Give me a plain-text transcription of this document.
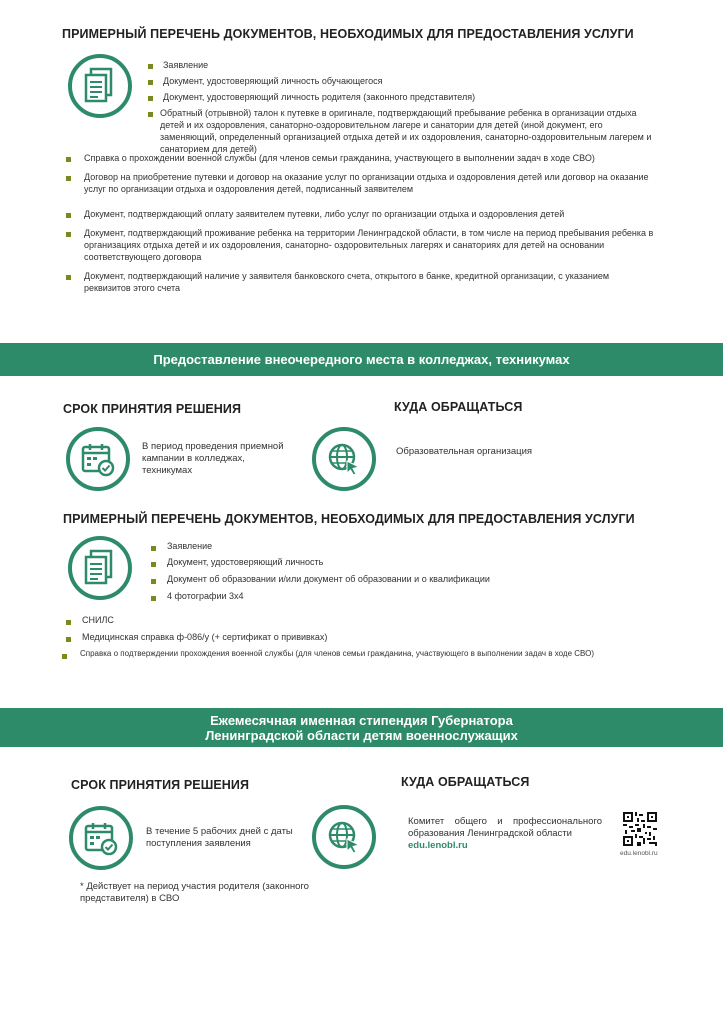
ПРИМЕРНЫЙ ПЕРЕЧЕНЬ ДОКУМЕНТОВ, НЕОБХОДИМЫХ ДЛЯ ПРЕДОСТАВЛЕНИЯ УСЛУГИ
Заявление
Документ, удостоверяющий личность обучающегося
Документ, удостоверяющий личность родителя (законного представителя)
Обратный (отрывной) талон к путевке в оригинале, подтверждающий пребывание ребенка в организации отдыха детей и их оздоровления, санаторно-оздоровительном лагере и санатории для детей (иной документ, его заменяющий, определенный организацией отдыха детей и их оздоровления, санаторно-оздоровительным лагерем и санаторием для детей)
Справка о прохождении военной службы (для членов семьи гражданина, участвующего в выполнении задач в ходе СВО)
Договор на приобретение путевки и договор на оказание услуг по организации отдыха и оздоровления детей или договор на оказание услуг по организации отдыха и оздоровления детей, подписанный заявителем
Документ, подтверждающий оплату заявителем путевки, либо услуг по организации отдыха и оздоровления детей
Документ, подтверждающий проживание ребенка на территории Ленинградской области, в том числе на период пребывания ребенка в организациях отдыха детей и их оздоровления, санаторно- оздоровительных лагерях и санаториях для детей на основании соответствующего договора
Документ, подтверждающий наличие у заявителя банковского счета, открытого в банке, кредитной организации, с указанием реквизитов этого счета
Предоставление внеочередного места в колледжах, техникумах
СРОК ПРИНЯТИЯ РЕШЕНИЯ	КУДА ОБРАЩАТЬСЯ
В период проведения приемной кампании в колледжах, техникумах
Образовательная организация
ПРИМЕРНЫЙ ПЕРЕЧЕНЬ ДОКУМЕНТОВ, НЕОБХОДИМЫХ ДЛЯ ПРЕДОСТАВЛЕНИЯ УСЛУГИ
Заявление
Документ, удостоверяющий личность
Документ об образовании и/или документ об образовании и о квалификации
4 фотографии 3х4
СНИЛС
Медицинская справка ф-086/у (+ сертификат о прививках)
Справка о подтверждении прохождения военной службы (для членов семьи гражданина, участвующего в выполнении задач в ходе СВО)
Ежемесячная именная стипендия Губернатора
Ленинградской области детям военнослужащих
СРОК ПРИНЯТИЯ РЕШЕНИЯ	КУДА ОБРАЩАТЬСЯ
В течение 5 рабочих дней с даты поступления заявления
* Действует на период участия родителя (законного представителя) в СВО
Комитет общего и профессионального образования Ленинградской области
edu.lenobl.ru
edu.lenobl.ru
